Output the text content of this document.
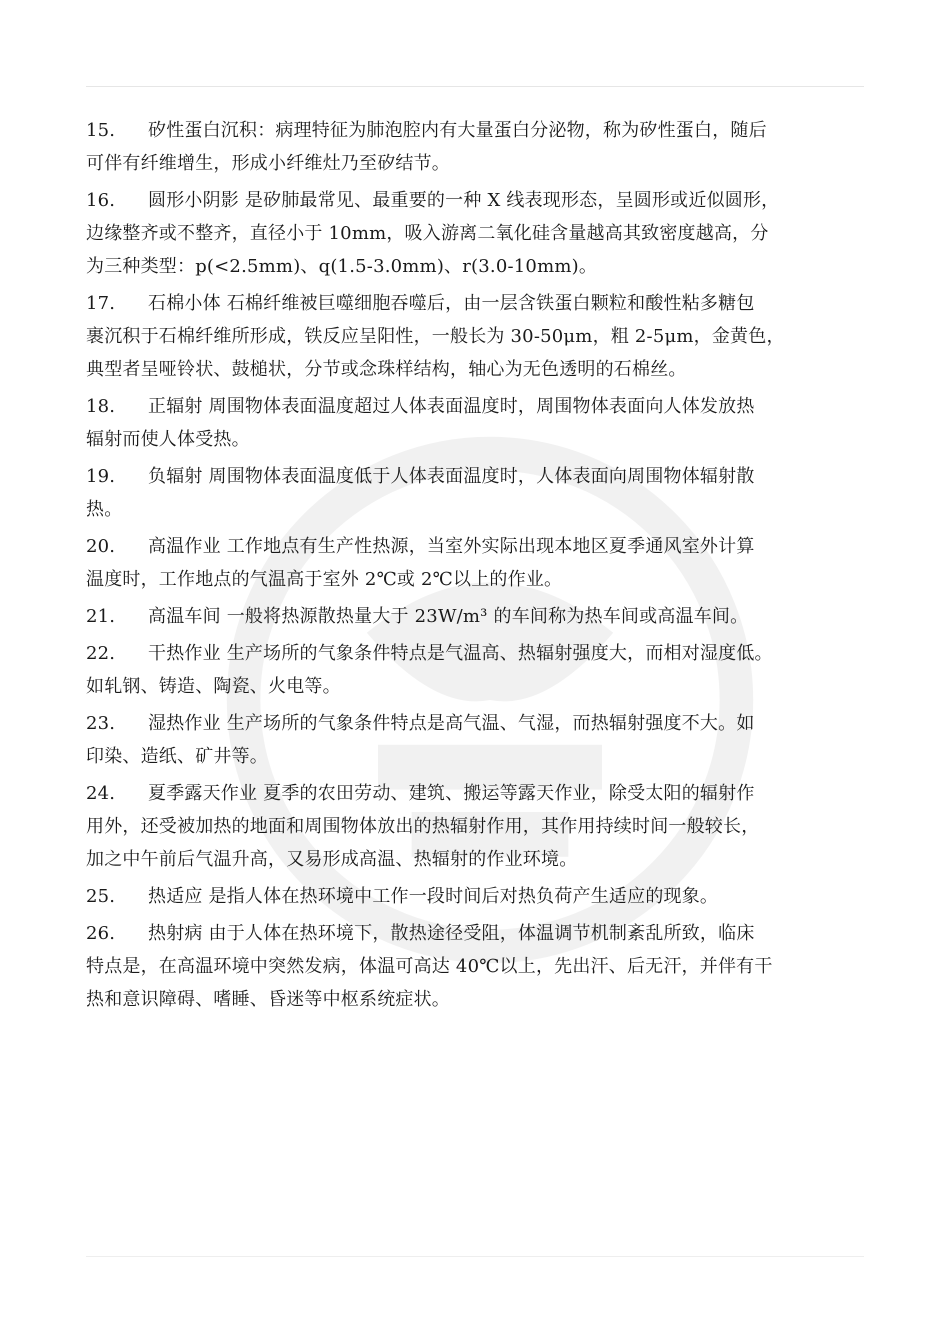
15. 矽性蛋白沉积：病理特征为肺泡腔内有大量蛋白分泌物，称为矽性蛋白，随后
可伴有纤维增生，形成小纤维灶乃至矽结节。
16. 圆形小阴影 是矽肺最常见、最重要的一种 X 线表现形态，呈圆形或近似圆形，
边缘整齐或不整齐，直径小于 10mm，吸入游离二氧化硅含量越高其致密度越高，分
为三种类型：p(<2.5mm)、q(1.5-3.0mm)、r(3.0-10mm)。
17. 石棉小体 石棉纤维被巨噬细胞吞噬后，由一层含铁蛋白颗粒和酸性粘多糖包
裹沉积于石棉纤维所形成，铁反应呈阳性，一般长为 30-50μm，粗 2-5μm，金黄色，
典型者呈哑铃状、鼓槌状，分节或念珠样结构，轴心为无色透明的石棉丝。
18. 正辐射 周围物体表面温度超过人体表面温度时，周围物体表面向人体发放热
辐射而使人体受热。
19. 负辐射 周围物体表面温度低于人体表面温度时，人体表面向周围物体辐射散
热。
20. 高温作业 工作地点有生产性热源，当室外实际出现本地区夏季通风室外计算
温度时，工作地点的气温高于室外 2℃或 2℃以上的作业。
21. 高温车间 一般将热源散热量大于 23W/m³ 的车间称为热车间或高温车间。
22. 干热作业 生产场所的气象条件特点是气温高、热辐射强度大，而相对湿度低。
如轧钢、铸造、陶瓷、火电等。
23. 湿热作业 生产场所的气象条件特点是高气温、气湿，而热辐射强度不大。如
印染、造纸、矿井等。
24. 夏季露天作业 夏季的农田劳动、建筑、搬运等露天作业，除受太阳的辐射作
用外，还受被加热的地面和周围物体放出的热辐射作用，其作用持续时间一般较长，
加之中午前后气温升高，又易形成高温、热辐射的作业环境。
25. 热适应 是指人体在热环境中工作一段时间后对热负荷产生适应的现象。
26. 热射病 由于人体在热环境下，散热途径受阻，体温调节机制紊乱所致，临床
特点是，在高温环境中突然发病，体温可高达 40℃以上，先出汗、后无汗，并伴有干
热和意识障碍、嗜睡、昏迷等中枢系统症状。
